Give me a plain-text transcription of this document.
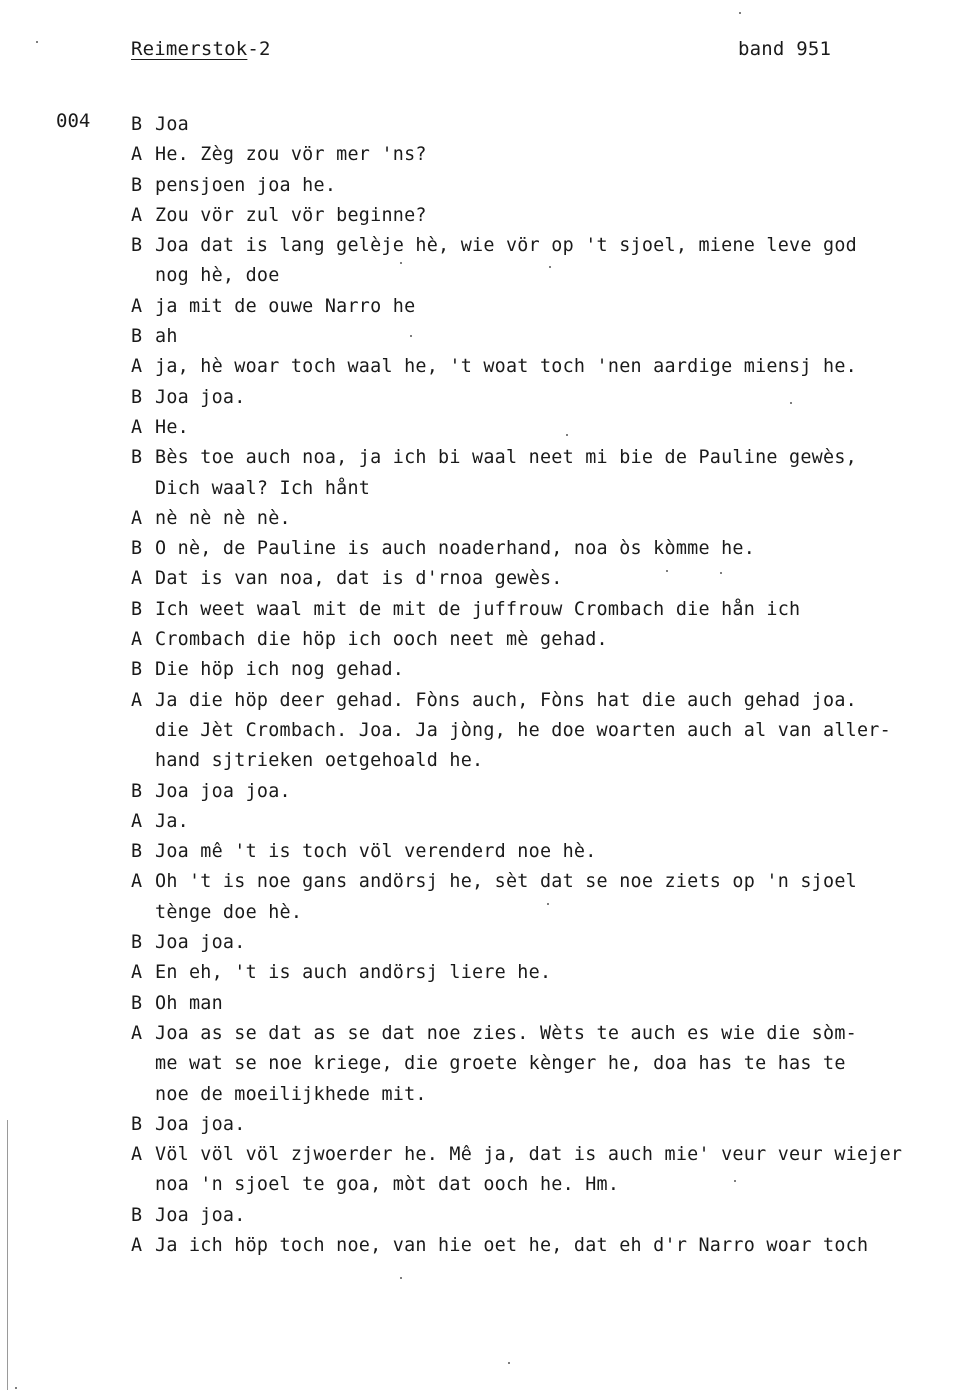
Reimerstok-2	band 951
004 B Joa
A He. Zèg zou vör mer 'ns?
B pensjoen joa he.
A Zou vör zul vör beginne?
B Joa dat is lang gelèje hè, wie vör op 't sjoel, miene leve god
nog hè, doe
A ja mit de ouwe Narro he
B ah
A ja, hè woar toch waal he, 't woat toch 'nen aardige miensj he.
B Joa joa.
A He.
B Bès toe auch noa, ja ich bi waal neet mi bie de Pauline gewès,
Dich waal? Ich hånt
A nè nè nè nè.
B O nè, de Pauline is auch noaderhand, noa òs kòmme he.
A Dat is van noa, dat is d'rnoa gewès.
B Ich weet waal mit de mit de juffrouw Crombach die hån ich
A Crombach die höp ich ooch neet mè gehad.
B Die höp ich nog gehad.
A Ja die höp deer gehad. Fòns auch, Fòns hat die auch gehad joa.
die Jèt Crombach. Joa. Ja jòng, he doe woarten auch al van aller-
hand sjtrieken oetgehoald he.
B Joa joa joa.
A Ja.
B Joa mê 't is toch völ verenderd noe hè.
A Oh 't is noe gans andörsj he, sèt dat se noe ziets op 'n sjoel
tènge doe hè.
B Joa joa.
A En eh, 't is auch andörsj liere he.
B Oh man
A Joa as se dat as se dat noe zies. Wèts te auch es wie die sòm-
me wat se noe kriege, die groete kènger he, doa has te has te
noe de moeilijkhede mit.
B Joa joa.
A Völ völ völ zjwoerder he. Mê ja, dat is auch mie' veur veur wiejer
noa 'n sjoel te goa, mòt dat ooch he. Hm.
B Joa joa.
A Ja ich höp toch noe, van hie oet he, dat eh d'r Narro woar toch
